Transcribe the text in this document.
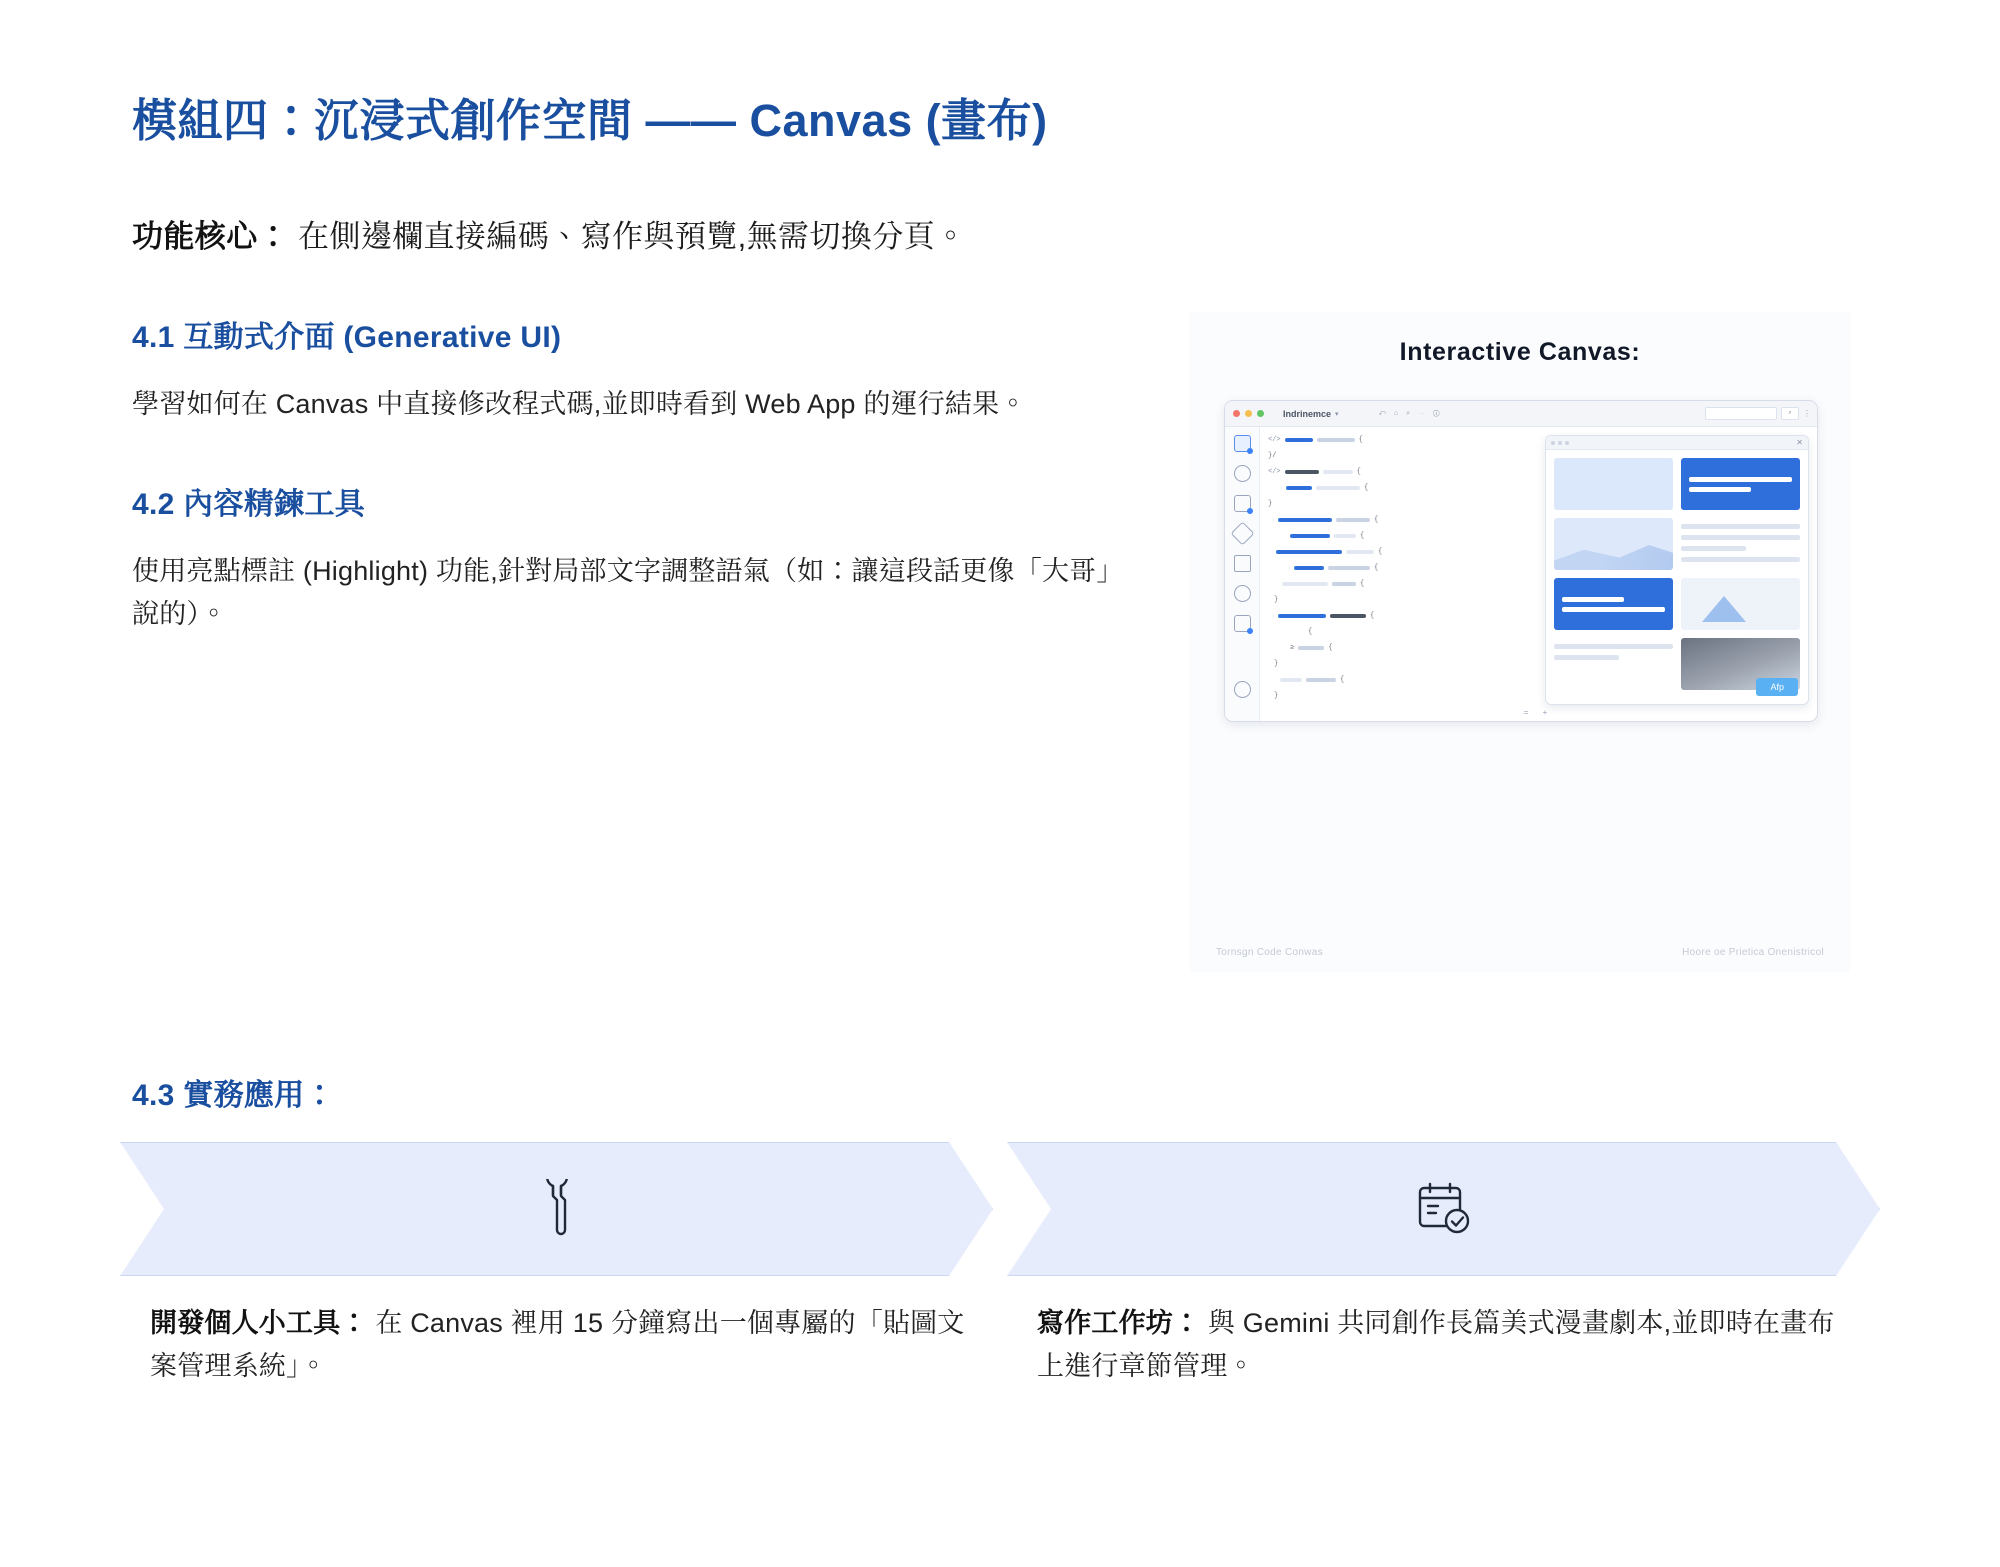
模組四：沉浸式創作空間 —— Canvas (畫布)

功能核心： 在側邊欄直接編碼、寫作與預覽,無需切換分頁。

4.1 互動式介面 (Generative UI)

學習如何在 Canvas 中直接修改程式碼,並即時看到 Web App 的運行結果。

4.2 內容精鍊工具

使用亮點標註 (Highlight) 功能,針對局部文字調整語氣（如：讓這段話更像「大哥」說的）。

Interactive Canvas:
Indrinemce ▾	⤺ ⌂ ⌕ ⋯ ⓘ	⌕	⋮
</>	{
}/
</>	{
{
}
{
{
{
{
{
}
{
{
≥	{
}
{
}
= +
✕
Afp
Tornsgn Code Conwas	Hoore oe Prietica Onenistricol
4.3 實務應用：
開發個人小工具： 在 Canvas 裡用 15 分鐘寫出一個專屬的「貼圖文案管理系統」。
寫作工作坊： 與 Gemini 共同創作長篇美式漫畫劇本,並即時在畫布上進行章節管理。
